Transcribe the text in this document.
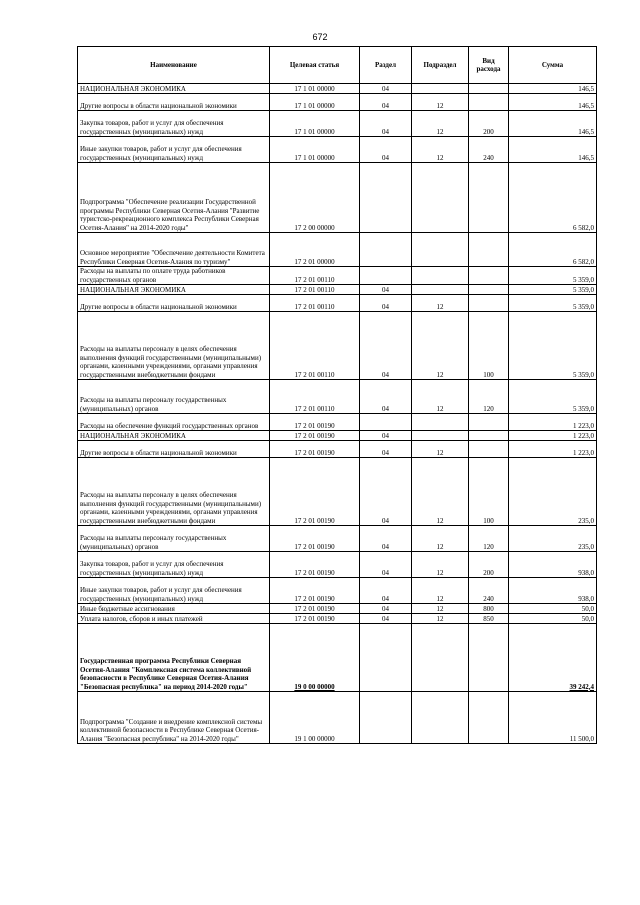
672
Наименование	Целевая статья	Раздел	Подраздел	Вид расхода	Сумма
НАЦИОНАЛЬНАЯ ЭКОНОМИКА	17 1 01 00000	04			146,5
Другие вопросы в области национальной экономики	17 1 01 00000	04	12		146,5
Закупка товаров, работ и услуг для обеспечения государственных (муниципальных) нужд	17 1 01 00000	04	12	200	146,5
Иные закупки товаров, работ и услуг для обеспечения государственных (муниципальных) нужд	17 1 01 00000	04	12	240	146,5
Подпрограмма "Обеспечение реализации Государственной программы Республики Северная Осетия-Алания "Развитие туристско-рекреационного комплекса Республики Северная Осетия-Алания" на 2014-2020 годы"	17 2 00 00000				6 582,0
Основное мероприятие "Обеспечение деятельности Комитета Республики Северная Осетия-Алания по туризму"	17 2 01 00000				6 582,0
Расходы на выплаты по оплате труда работников государственных органов	17 2 01 00110				5 359,0
НАЦИОНАЛЬНАЯ ЭКОНОМИКА	17 2 01 00110	04			5 359,0
Другие вопросы в области национальной экономики	17 2 01 00110	04	12		5 359,0
Расходы на выплаты персоналу в целях обеспечения выполнения функций государственными (муниципальными) органами, казенными учреждениями, органами управления государственными внебюджетными фондами	17 2 01 00110	04	12	100	5 359,0
Расходы на выплаты персоналу государственных (муниципальных) органов	17 2 01 00110	04	12	120	5 359,0
Расходы на обеспечение функций государственных органов	17 2 01 00190				1 223,0
НАЦИОНАЛЬНАЯ ЭКОНОМИКА	17 2 01 00190	04			1 223,0
Другие вопросы в области национальной экономики	17 2 01 00190	04	12		1 223,0
Расходы на выплаты персоналу в целях обеспечения выполнения функций государственными (муниципальными) органами, казенными учреждениями, органами управления государственными внебюджетными фондами	17 2 01 00190	04	12	100	235,0
Расходы на выплаты персоналу государственных (муниципальных) органов	17 2 01 00190	04	12	120	235,0
Закупка товаров, работ и услуг для обеспечения государственных (муниципальных) нужд	17 2 01 00190	04	12	200	938,0
Иные закупки товаров, работ и услуг для обеспечения государственных (муниципальных) нужд	17 2 01 00190	04	12	240	938,0
Иные бюджетные ассигнования	17 2 01 00190	04	12	800	50,0
Уплата налогов, сборов и иных платежей	17 2 01 00190	04	12	850	50,0
Государственная программа Республики Северная Осетия-Алания "Комплексная система коллективной безопасности в Республике Северная Осетия-Алания "Безопасная республика" на период 2014-2020 годы"	19 0 00 00000				39 242,4
Подпрограмма "Создание и внедрение комплексной системы коллективной безопасности в Республике Северная Осетия-Алания "Безопасная республика" на 2014-2020 годы"	19 1 00 00000				11 500,0
